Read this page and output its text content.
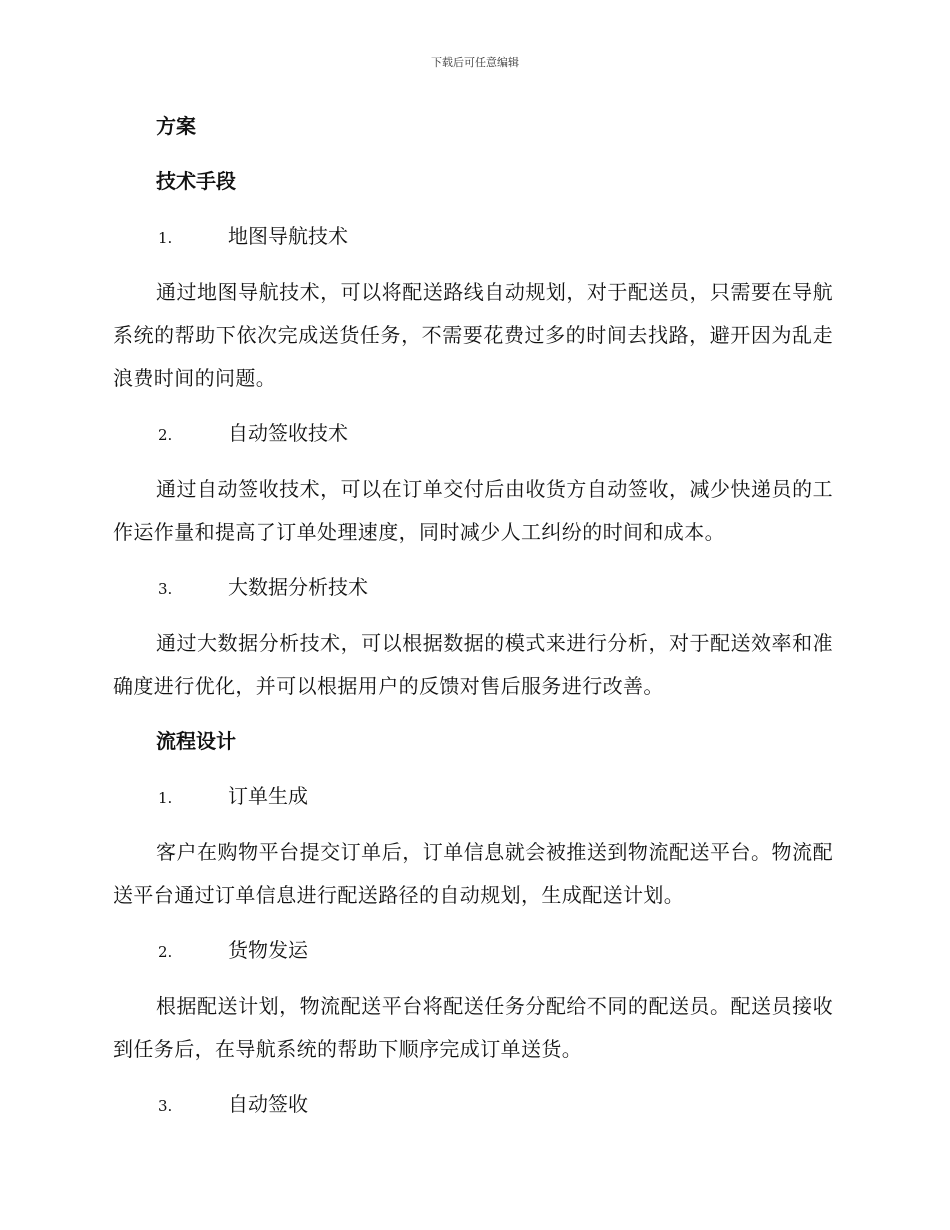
下载后可任意编辑
方案
技术手段
1.	地图导航技术

通过地图导航技术，可以将配送路线自动规划，对于配送员，只需要在导航系统的帮助下依次完成送货任务，不需要花费过多的时间去找路，避开因为乱走浪费时间的问题。

2.	自动签收技术

通过自动签收技术，可以在订单交付后由收货方自动签收，减少快递员的工作运作量和提高了订单处理速度，同时减少人工纠纷的时间和成本。

3.	大数据分析技术

通过大数据分析技术，可以根据数据的模式来进行分析，对于配送效率和准确度进行优化，并可以根据用户的反馈对售后服务进行改善。

流程设计
1.	订单生成

客户在购物平台提交订单后，订单信息就会被推送到物流配送平台。物流配送平台通过订单信息进行配送路径的自动规划，生成配送计划。

2.	货物发运

根据配送计划，物流配送平台将配送任务分配给不同的配送员。配送员接收到任务后，在导航系统的帮助下顺序完成订单送货。

3.	自动签收
